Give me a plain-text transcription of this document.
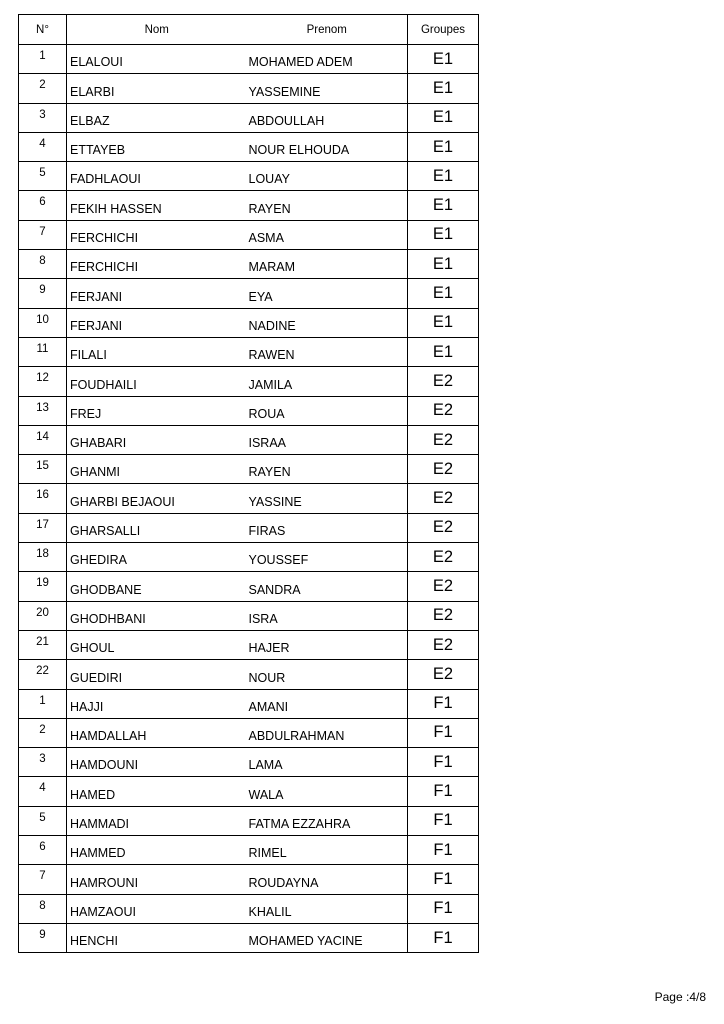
N°	Nom	Prenom	Groupes
1	ELALOUI	MOHAMED ADEM	E1
2	ELARBI	YASSEMINE	E1
3	ELBAZ	ABDOULLAH	E1
4	ETTAYEB	NOUR ELHOUDA	E1
5	FADHLAOUI	LOUAY	E1
6	FEKIH HASSEN	RAYEN	E1
7	FERCHICHI	ASMA	E1
8	FERCHICHI	MARAM	E1
9	FERJANI	EYA	E1
10	FERJANI	NADINE	E1
11	FILALI	RAWEN	E1
12	FOUDHAILI	JAMILA	E2
13	FREJ	ROUA	E2
14	GHABARI	ISRAA	E2
15	GHANMI	RAYEN	E2
16	GHARBI BEJAOUI	YASSINE	E2
17	GHARSALLI	FIRAS	E2
18	GHEDIRA	YOUSSEF	E2
19	GHODBANE	SANDRA	E2
20	GHODHBANI	ISRA	E2
21	GHOUL	HAJER	E2
22	GUEDIRI	NOUR	E2
1	HAJJI	AMANI	F1
2	HAMDALLAH	ABDULRAHMAN	F1
3	HAMDOUNI	LAMA	F1
4	HAMED	WALA	F1
5	HAMMADI	FATMA EZZAHRA	F1
6	HAMMED	RIMEL	F1
7	HAMROUNI	ROUDAYNA	F1
8	HAMZAOUI	KHALIL	F1
9	HENCHI	MOHAMED YACINE	F1
Page :4/8
